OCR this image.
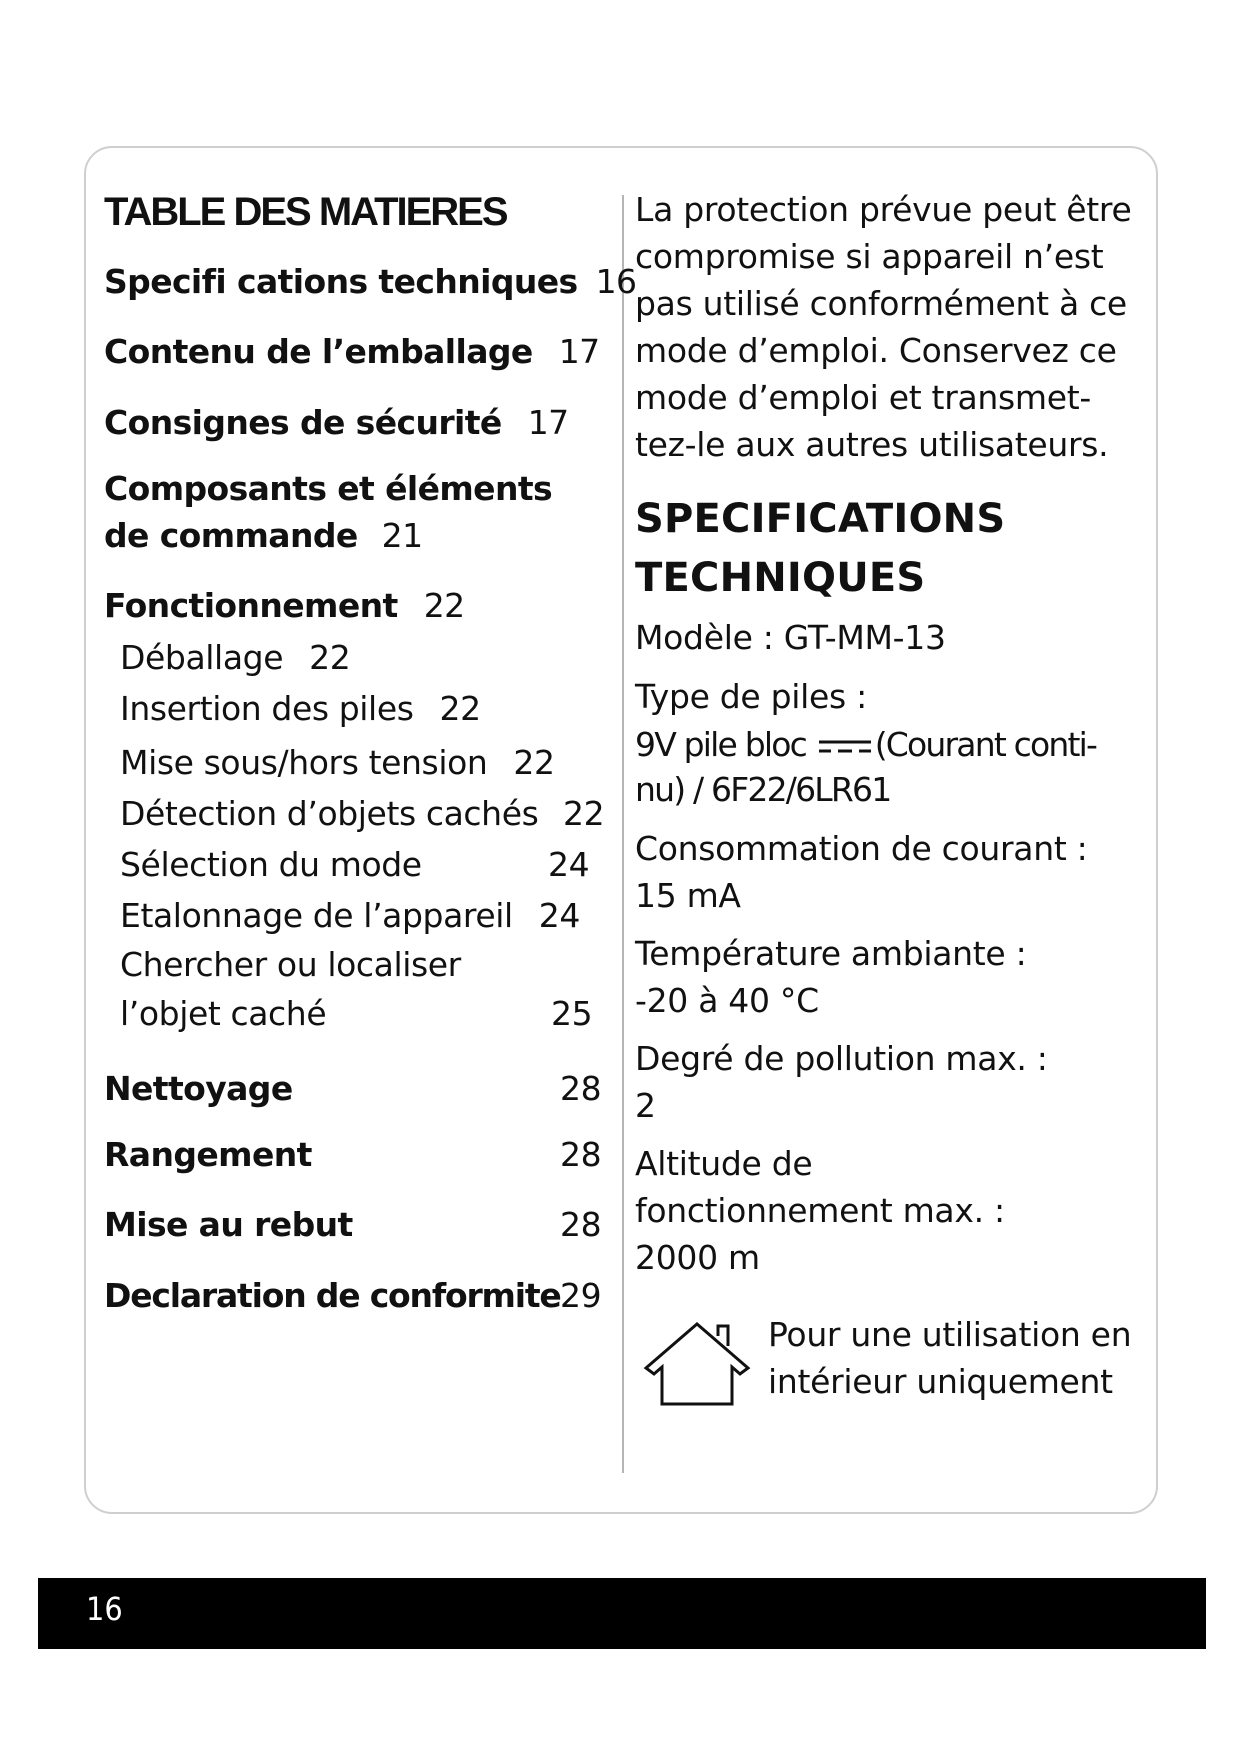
TABLE DES MATIERES
Specifi cations techniques 16
Contenu de l’emballage 17
Consignes de sécurité 17
Composants et éléments
de commande 21
Fonctionnement 22
Déballage 22
Insertion des piles 22
Mise sous/hors tension 22
Détection d’objets cachés 22
Sélection du mode	24
Etalonnage de l’appareil 24
Chercher ou localiser
l’objet caché	25
Nettoyage	28
Rangement	28
Mise au rebut	28
Declaration de conformite 29
La protection prévue peut être
compromise si appareil n’est
pas utilisé conformément à ce
mode d’emploi. Conservez ce
mode d’emploi et transmet-
tez-le aux autres utilisateurs.
SPECIFICATIONS
TECHNIQUES
Modèle : GT-MM-13
Type de piles :
9V pile bloc (Courant conti-
nu) / 6F22/6LR61
Consommation de courant :
15 mA
Température ambiante :
-20 à 40 °C
Degré de pollution max. :
2
Altitude de
fonctionnement max. :
2000 m
Pour une utilisation en
intérieur uniquement
16
